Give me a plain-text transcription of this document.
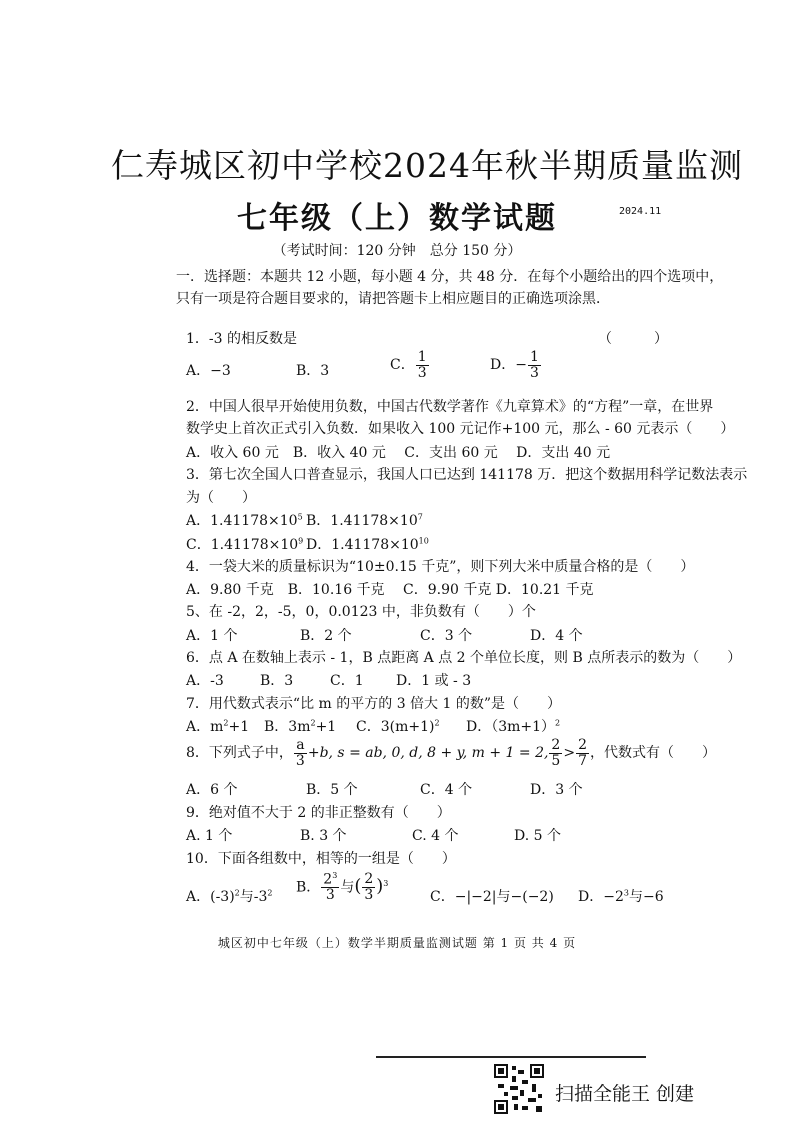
仁寿城区初中学校2024年秋半期质量监测
七年级（上）数学试题	2024.11
（考试时间：120 分钟　总分 150 分）
一．选择题：本题共 12 小题，每小题 4 分，共 48 分．在每个小题给出的四个选项中，只有一项是符合题目要求的，请把答题卡上相应题目的正确选项涂黑．
1．-3 的相反数是	（　　　）
A．−3	B．3	C． $\frac{1}{3}$	D．− $\frac{1}{3}$
2．中国人很早开始使用负数，中国古代数学著作《九章算术》的“方程”一章，在世界
数学史上首次正式引入负数．如果收入 100 元记作+100 元，那么 - 60 元表示（　　）
A．收入 60 元　B．收入 40 元　 C．支出 60 元　 D．支出 40 元
3．第七次全国人口普查显示，我国人口已达到 141178 万．把这个数据用科学记数法表示
为（　　）
A．$1.41178\times 10^5$ B．$1.41178\times 10^7$
C．$1.41178\times 10^9$ D．$1.41178\times 10^{10}$
4．一袋大米的质量标识为“10±0.15 千克”，则下列大米中质量合格的是（　　）
A．9.80 千克　B．10.16 千克　 C．9.90 千克 D．10.21 千克
5、在 -2，2，-5，0，0.0123 中，非负数有（　　）个
A．1 个	B．2 个	C．3 个	D．4 个
6．点 A 在数轴上表示 - 1，B 点距离 A 点 2 个单位长度，则 B 点所表示的数为（　　）
A．-3	B．3	C．1 D．1 或 - 3
7．用代数式表示“比 m 的平方的 3 倍大 1 的数”是（　　）
A．$m^2+1$ B．$3m^2+1$ C．$3(m+1)^2$ D．$(3m+1)^2$
8．下列式子中， $\frac{a}{3} +b$, s = ab, 0, d, 8 + y, m + 1 = 2, $\frac{2}{5} > \frac{2}{7}$ ，代数式有（　　）
A．6 个	B．5 个	C．4 个	D．3 个
9．绝对值不大于 2 的非正整数有（　　）
A. 1 个	B. 3 个	C. 4 个	D. 5 个
10．下面各组数中，相等的一组是（　　）
A．$(-3)^2$与$-3^2$ B． $\frac{2^3}{3}$ 与( $\frac{2}{3} )^3$
C．−|−2|与−(−2) D．$-2^3$与−6
城区初中七年级（上）数学半期质量监测试题 第 1 页 共 4 页
扫描全能王 创建
